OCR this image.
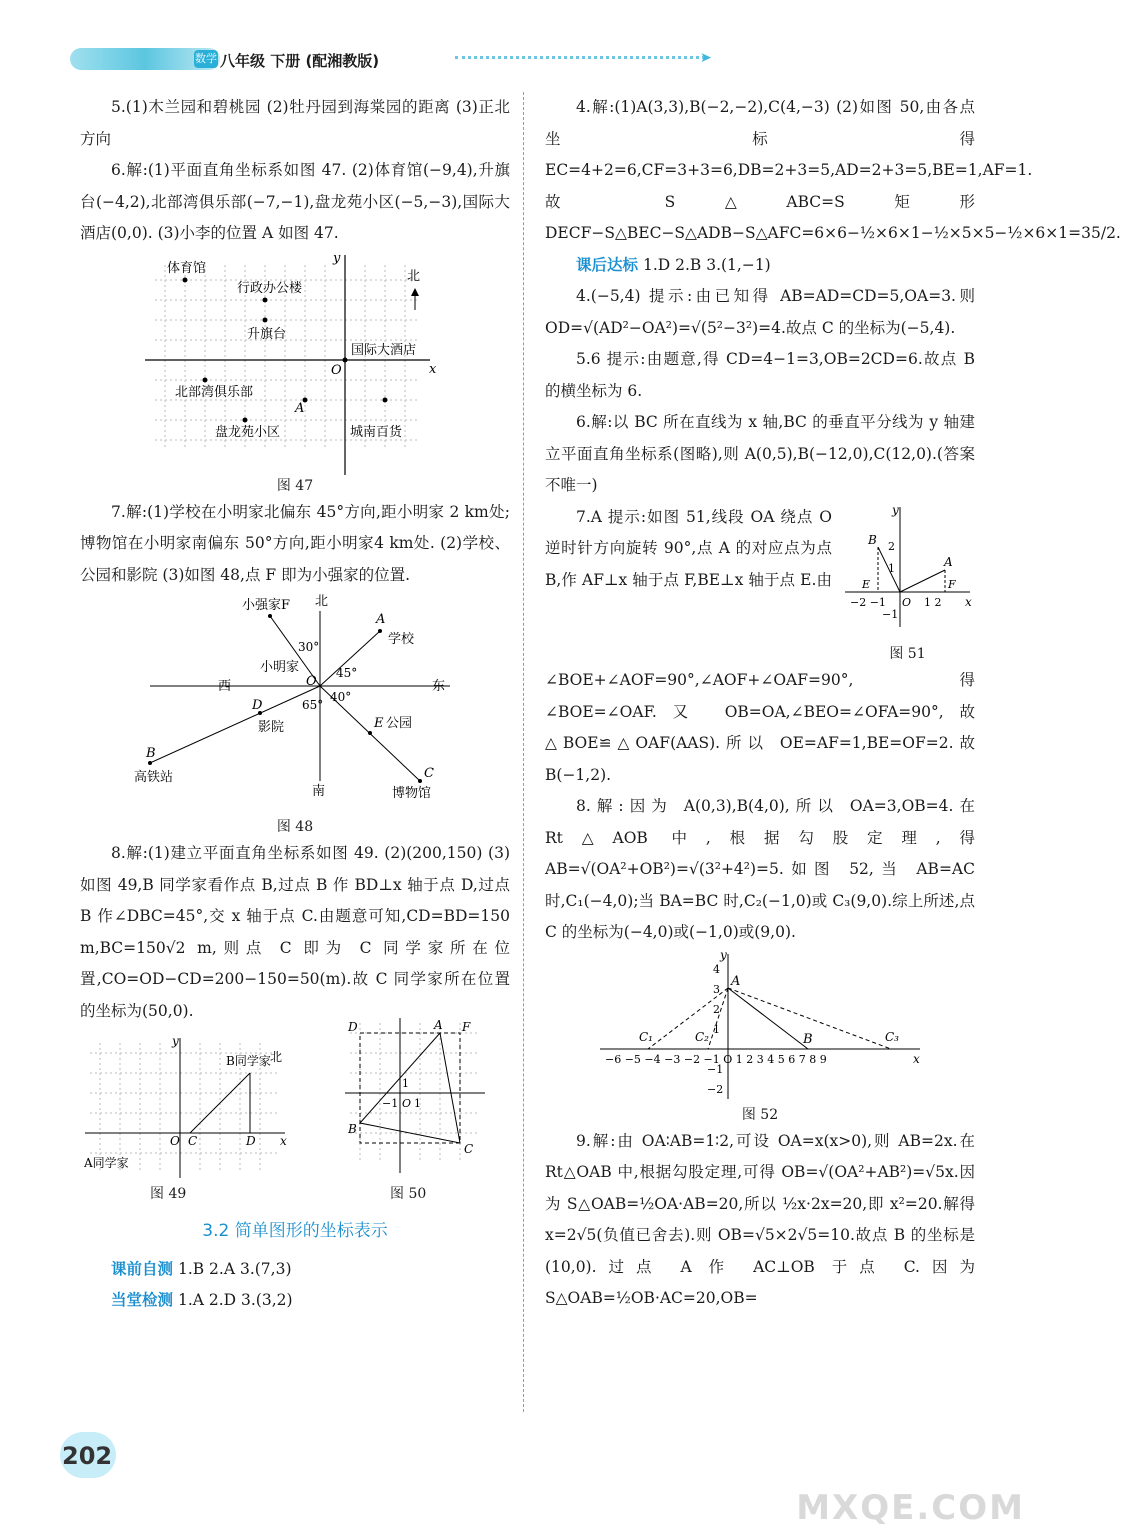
数学 八年级 下册 (配湘教版)	➤

5.(1)木兰园和碧桃园 (2)牡丹园到海棠园的距离 (3)正北方向

6.解:(1)平面直角坐标系如图 47. (2)体育馆(−9,4),升旗台(−4,2),北部湾俱乐部(−7,−1),盘龙苑小区(−5,−3),国际大酒店(0,0). (3)小李的位置 A 如图 47.

x
y
O
体育馆
行政办公楼
升旗台
国际大酒店
北部湾俱乐部
盘龙苑小区	城南百货
A
北
图 47

7.解:(1)学校在小明家北偏东 45°方向,距小明家 2 km处;博物馆在小明家南偏东 50°方向,距小明家4 km处. (2)学校、公园和影院 (3)如图 48,点 F 即为小强家的位置.

小强家F 北
30°
A
学校
小明家
O
45°
西	东
40°
D	65°
影院	E 公园
B
高铁站
南
C
博物馆
图 48

8.解:(1)建立平面直角坐标系如图 49. (2)(200,150) (3)如图 49,B 同学家看作点 B,过点 B 作 BD⊥x 轴于点 D,过点 B 作∠DBC=45°,交 x 轴于点 C.由题意可知,CD=BD=150 m,BC=150√2 m,则点 C 即为 C 同学家所在位置,CO=OD−CD=200−150=50(m).故 C 同学家所在位置的坐标为(50,0).

y
B同学家 北
O C	D x
A同学家
D	A F
1
−1 O 1
B
C
图 49	图 50
3.2 简单图形的坐标表示

课前自测 1.B 2.A 3.(7,3)

当堂检测 1.A 2.D 3.(3,2)

4.解:(1)A(3,3),B(−2,−2),C(4,−3) (2)如图 50,由各点坐标得 EC=4+2=6,CF=3+3=6,DB=2+3=5,AD=2+3=5,BE=1,AF=1.故 S△ABC=S矩形DECF−S△BEC−S△ADB−S△AFC=6×6−½×6×1−½×5×5−½×6×1=35/2.

课后达标 1.D 2.B 3.(1,−1)

4.(−5,4) 提示:由已知得 AB=AD=CD=5,OA=3.则 OD=√(AD²−OA²)=√(5²−3²)=4.故点 C 的坐标为(−5,4).

5.6 提示:由题意,得 CD=4−1=3,OB=2CD=6.故点 B 的横坐标为 6.

6.解:以 BC 所在直线为 x 轴,BC 的垂直平分线为 y 轴建立平面直角坐标系(图略),则 A(0,5),B(−12,0),C(12,0).(答案不唯一)

B
A
y
x
E	F
O
−2 −1	1 2
2
1
−1
图 51

7.A 提示:如图 51,线段 OA 绕点 O 逆时针方向旋转 90°,点 A 的对应点为点 B,作 AF⊥x 轴于点 F,BE⊥x 轴于点 E.由∠BOE+∠AOF=90°,∠AOF+∠OAF=90°,得∠BOE=∠OAF.又 OB=OA,∠BEO=∠OFA=90°,故△BOE≌△OAF(AAS).所以 OE=AF=1,BE=OF=2.故B(−1,2).

8.解:因为 A(0,3),B(4,0),所以 OA=3,OB=4.在 Rt△AOB 中,根据勾股定理,得 AB=√(OA²+OB²)=√(3²+4²)=5.如图 52,当 AB=AC 时,C₁(−4,0);当 BA=BC 时,C₂(−1,0)或 C₃(9,0).综上所述,点 C 的坐标为(−4,0)或(−1,0)或(9,0).

A
B
C₁	C₂	C₃
y
x
−6 −5 −4 −3 −2 −1 O 1 2 3 4 5 6 7 8 9
4
3
2
1
−1
−2
图 52

9.解:由 OA∶AB=1∶2,可设 OA=x(x>0),则 AB=2x.在 Rt△OAB 中,根据勾股定理,可得 OB=√(OA²+AB²)=√5x.因为 S△OAB=½OA·AB=20,所以 ½x·2x=20,即 x²=20.解得 x=2√5(负值已舍去).则 OB=√5×2√5=10.故点 B 的坐标是(10,0).过点 A 作 AC⊥OB 于点 C.因为 S△OAB=½OB·AC=20,OB=

202
MXQE.COM
